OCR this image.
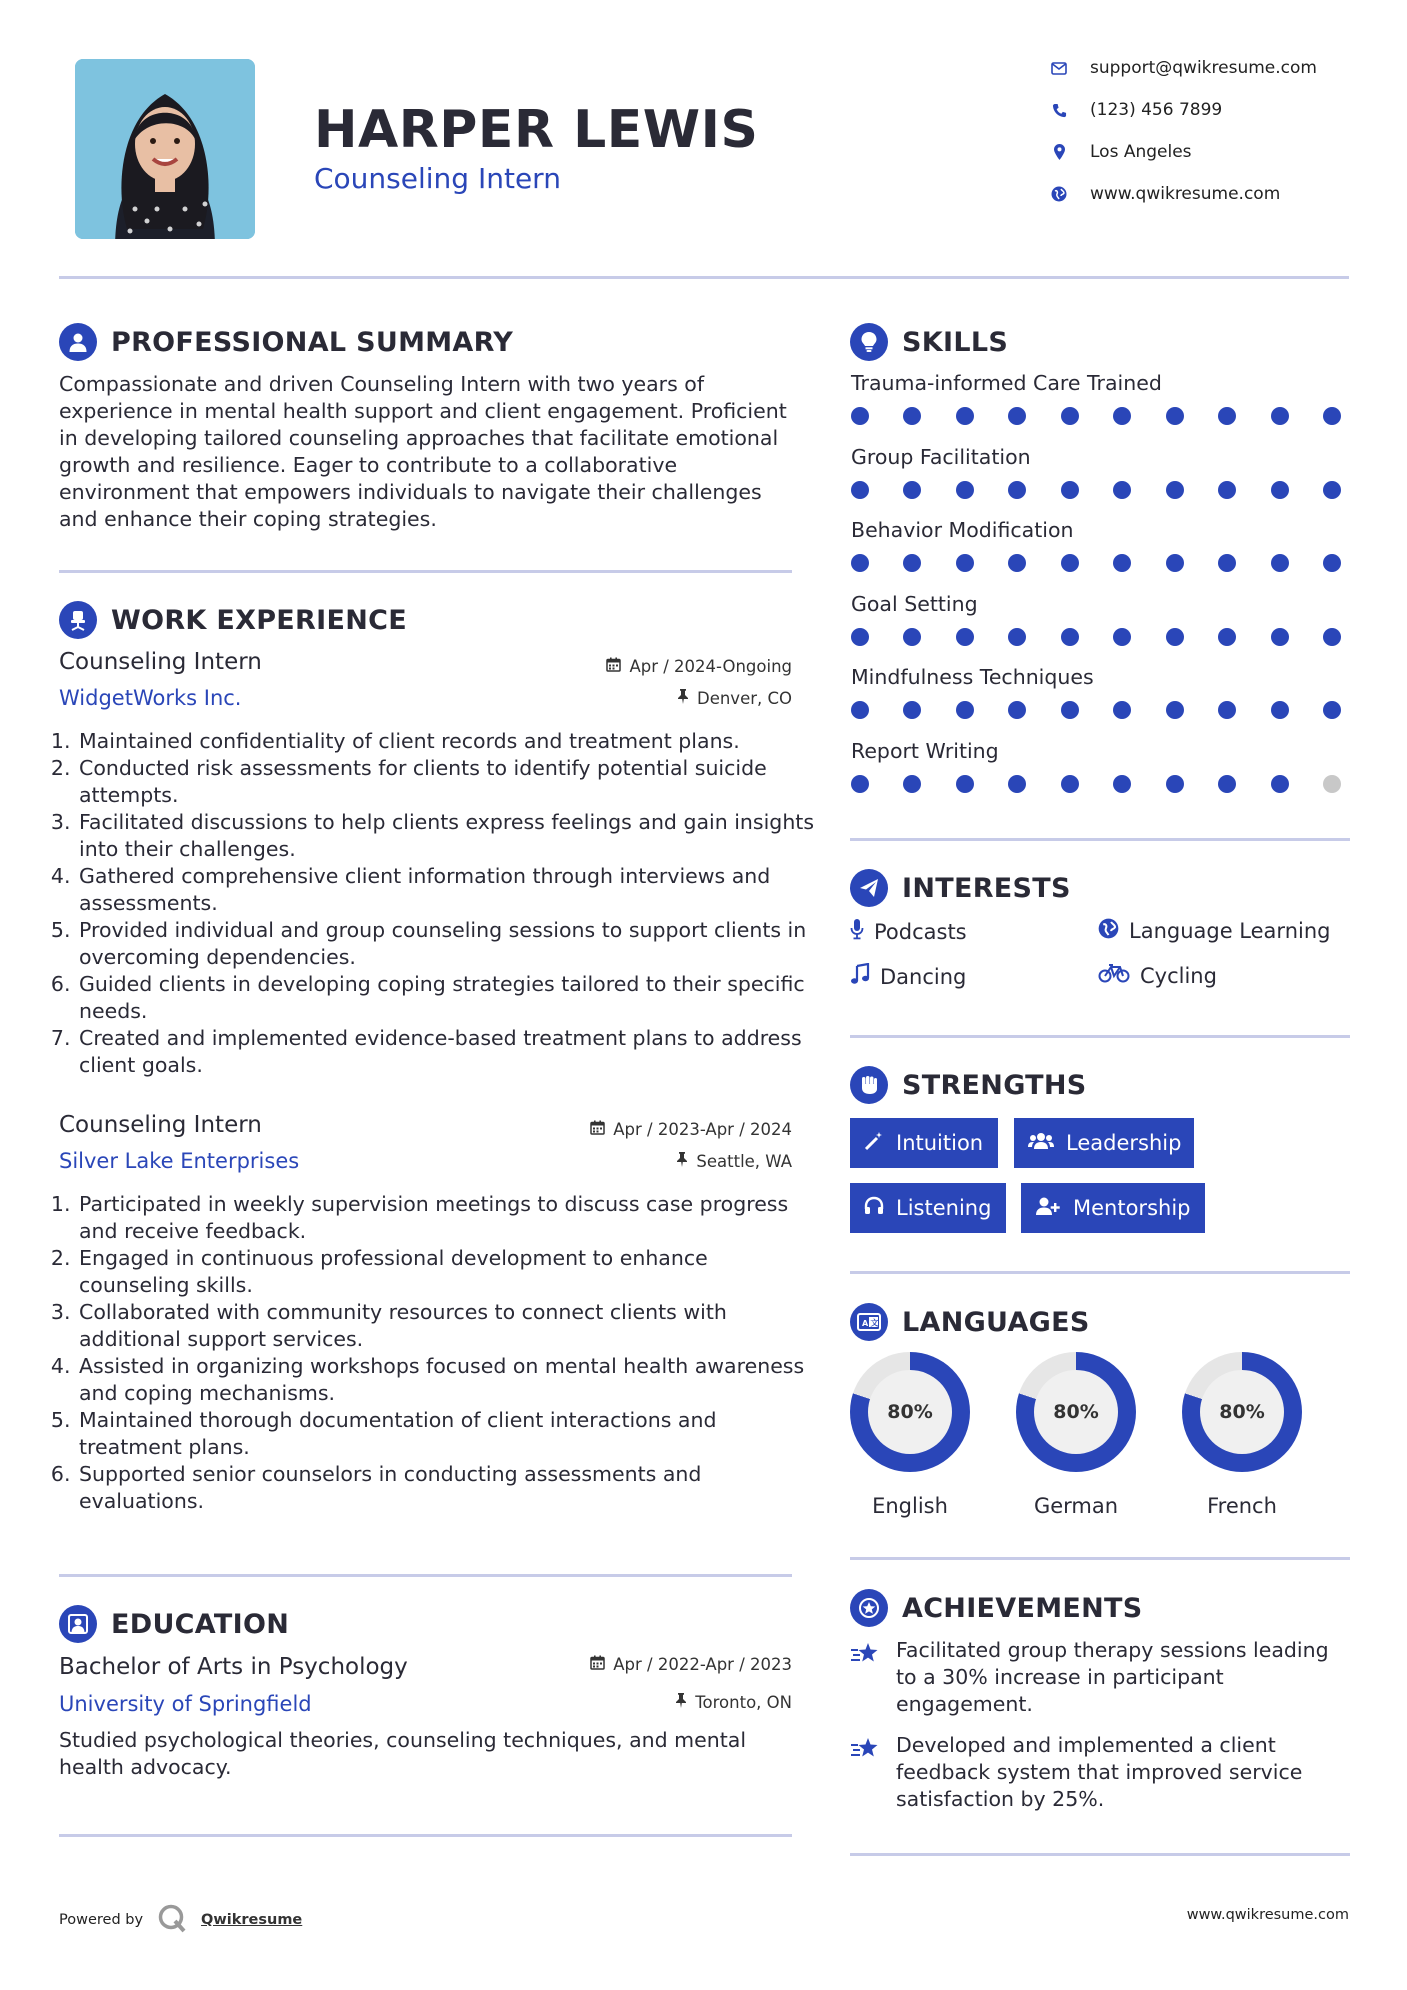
HARPER LEWIS
Counseling Intern
support@qwikresume.com
(123) 456 7899
Los Angeles
www.qwikresume.com
PROFESSIONAL SUMMARY
Compassionate and driven Counseling Intern with two years of experience in mental health support and client engagement. Proficient in developing tailored counseling approaches that facilitate emotional growth and resilience. Eager to contribute to a collaborative environment that empowers individuals to navigate their challenges and enhance their coping strategies.
WORK EXPERIENCE
Counseling Intern	Apr / 2024-Ongoing
WidgetWorks Inc.	Denver, CO
1. Maintained confidentiality of client records and treatment plans.
2. Conducted risk assessments for clients to identify potential suicide attempts.
3. Facilitated discussions to help clients express feelings and gain insights into their challenges.
4. Gathered comprehensive client information through interviews and assessments.
5. Provided individual and group counseling sessions to support clients in overcoming dependencies.
6. Guided clients in developing coping strategies tailored to their specific needs.
7. Created and implemented evidence-based treatment plans to address client goals.
Counseling Intern	Apr / 2023-Apr / 2024
Silver Lake Enterprises	Seattle, WA
1. Participated in weekly supervision meetings to discuss case progress and receive feedback.
2. Engaged in continuous professional development to enhance counseling skills.
3. Collaborated with community resources to connect clients with additional support services.
4. Assisted in organizing workshops focused on mental health awareness and coping mechanisms.
5. Maintained thorough documentation of client interactions and treatment plans.
6. Supported senior counselors in conducting assessments and evaluations.
EDUCATION
Bachelor of Arts in Psychology	Apr / 2022-Apr / 2023
University of Springfield	Toronto, ON
Studied psychological theories, counseling techniques, and mental health advocacy.
SKILLS
Trauma-informed Care Trained
Group Facilitation
Behavior Modification
Goal Setting
Mindfulness Techniques
Report Writing
INTERESTS
Podcasts	Language Learning
Dancing	Cycling
STRENGTHS
Intuition	Leadership
Listening	Mentorship
A 文 LANGUAGES
80%
English
80%
German
80%
French
ACHIEVEMENTS
Facilitated group therapy sessions leading to a 30% increase in participant engagement.
Developed and implemented a client feedback system that improved service satisfaction by 25%.
Powered by	Qwikresume	www.qwikresume.com
